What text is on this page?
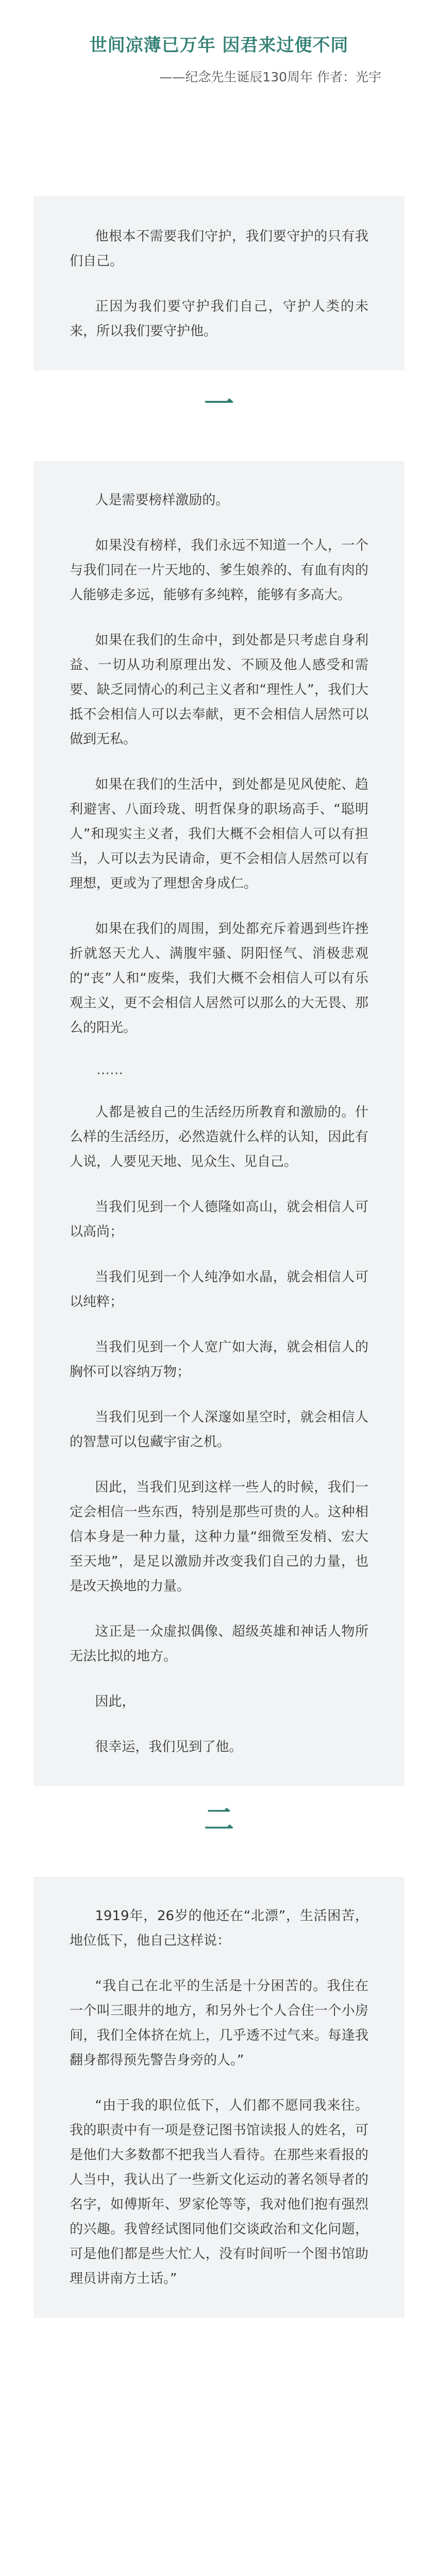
世间凉薄已万年 因君来过便不同
——纪念先生诞辰130周年 作者：光宇

他根本不需要我们守护，我们要守护的只有我们自己。

正因为我们要守护我们自己，守护人类的未来，所以我们要守护他。

一

人是需要榜样激励的。

如果没有榜样，我们永远不知道一个人，一个与我们同在一片天地的、爹生娘养的、有血有肉的人能够走多远，能够有多纯粹，能够有多高大。

如果在我们的生命中，到处都是只考虑自身利益、一切从功利原理出发、不顾及他人感受和需要、缺乏同情心的利己主义者和“理性人”，我们大抵不会相信人可以去奉献，更不会相信人居然可以做到无私。

如果在我们的生活中，到处都是见风使舵、趋利避害、八面玲珑、明哲保身的职场高手、“聪明人”和现实主义者，我们大概不会相信人可以有担当，人可以去为民请命，更不会相信人居然可以有理想，更或为了理想舍身成仁。

如果在我们的周围，到处都充斥着遇到些许挫折就怒天尤人、满腹牢骚、阴阳怪气、消极悲观的“丧”人和“废柴，我们大概不会相信人可以有乐观主义，更不会相信人居然可以那么的大无畏、那么的阳光。

……

人都是被自己的生活经历所教育和激励的。什么样的生活经历，必然造就什么样的认知，因此有人说，人要见天地、见众生、见自己。

当我们见到一个人德隆如高山，就会相信人可以高尚；

当我们见到一个人纯净如水晶，就会相信人可以纯粹；

当我们见到一个人宽广如大海，就会相信人的胸怀可以容纳万物；

当我们见到一个人深邃如星空时，就会相信人的智慧可以包藏宇宙之机。

因此，当我们见到这样一些人的时候，我们一定会相信一些东西，特别是那些可贵的人。这种相信本身是一种力量，这种力量“细微至发梢、宏大至天地”，是足以激励并改变我们自己的力量，也是改天换地的力量。

这正是一众虚拟偶像、超级英雄和神话人物所无法比拟的地方。

因此，

很幸运，我们见到了他。

二

1919年，26岁的他还在“北漂”，生活困苦，地位低下，他自己这样说：

“我自己在北平的生活是十分困苦的。我住在一个叫三眼井的地方，和另外七个人合住一个小房间，我们全体挤在炕上，几乎透不过气来。每逢我翻身都得预先警告身旁的人。”

“由于我的职位低下，人们都不愿同我来往。我的职责中有一项是登记图书馆读报人的姓名，可是他们大多数都不把我当人看待。在那些来看报的人当中，我认出了一些新文化运动的著名领导者的名字，如傅斯年、罗家伦等等，我对他们抱有强烈的兴趣。我曾经试图同他们交谈政治和文化问题，可是他们都是些大忙人，没有时间听一个图书馆助理员讲南方土话。”
